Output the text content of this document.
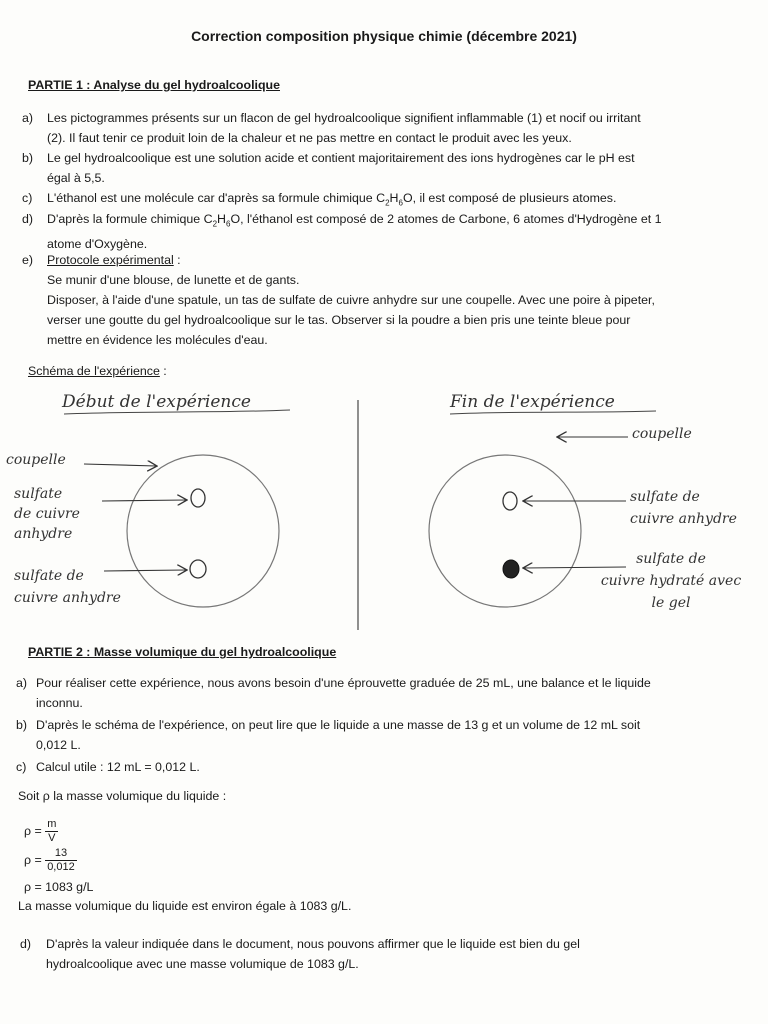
Correction composition physique chimie (décembre 2021)
PARTIE 1 : Analyse du gel hydroalcoolique
a) Les pictogrammes présents sur un flacon de gel hydroalcoolique signifient inflammable (1) et nocif ou irritant
(2). Il faut tenir ce produit loin de la chaleur et ne pas mettre en contact le produit avec les yeux.
b) Le gel hydroalcoolique est une solution acide et contient majoritairement des ions hydrogènes car le pH est
égal à 5,5.
c) L'éthanol est une molécule car d'après sa formule chimique $C_2H_6O$, il est composé de plusieurs atomes.
d) D'après la formule chimique $C_2H_6O$, l'éthanol est composé de 2 atomes de Carbone, 6 atomes d'Hydrogène et 1
atome d'Oxygène.
e) Protocole expérimental :
Se munir d'une blouse, de lunette et de gants.
Disposer, à l'aide d'une spatule, un tas de sulfate de cuivre anhydre sur une coupelle. Avec une poire à pipeter,
verser une goutte du gel hydroalcoolique sur le tas. Observer si la poudre a bien pris une teinte bleue pour
mettre en évidence les molécules d'eau.
Schéma de l'expérience :
Début de l'expérience
coupelle
sulfate
de cuivre
anhydre
sulfate de
cuivre anhydre
Fin de l'expérience
coupelle
sulfate de
cuivre anhydre
sulfate de
cuivre hydraté avec
le gel
PARTIE 2 : Masse volumique du gel hydroalcoolique
a) Pour réaliser cette expérience, nous avons besoin d'une éprouvette graduée de 25 mL, une balance et le liquide
inconnu.
b) D'après le schéma de l'expérience, on peut lire que le liquide a une masse de 13 g et un volume de 12 mL soit
0,012 L.
c) Calcul utile : 12 mL = 0,012 L.
Soit ρ la masse volumique du liquide :
$\rho = \frac{m}{V}$
$\rho = \frac{13}{0,012}$
ρ = 1083 g/L
La masse volumique du liquide est environ égale à 1083 g/L.
d) D'après la valeur indiquée dans le document, nous pouvons affirmer que le liquide est bien du gel
hydroalcoolique avec une masse volumique de 1083 g/L.
